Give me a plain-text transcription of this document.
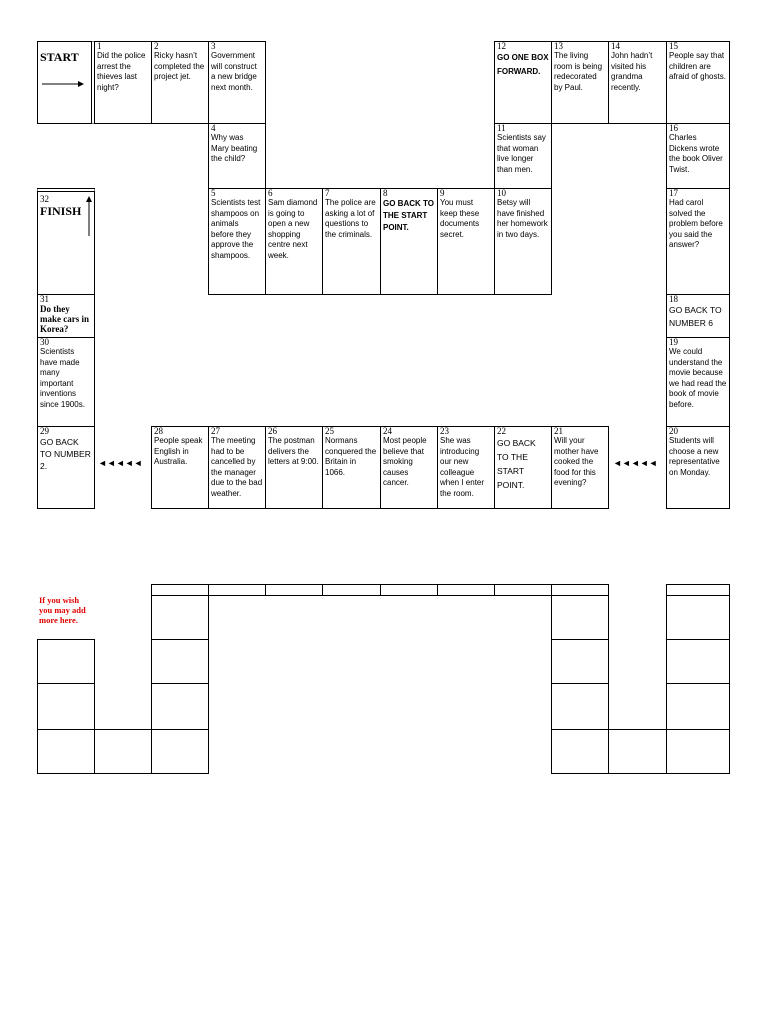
START
1
Did the police arrest the thieves last night?
2
Ricky hasn’t completed the project jet.
3
Government will construct a new bridge next month.
12
GO ONE BOX FORWARD.
13
The living room is being redecorated by Paul.
14
John hadn’t visited his grandma recently.
15
People say that children are afraid of ghosts.
4
Why was Mary beating the child?
11
Scientists say that woman live longer than men.
16
Charles Dickens wrote the book Oliver Twist.
32
FINISH
5
Scientists test shampoos on animals before they approve the shampoos.
6
Sam diamond is going to open a new shopping centre next week.
7
The police are asking a lot of questions to the criminals.
8
GO BACK TO THE START POINT.
9
You must keep these documents secret.
10
Betsy will have finished her homework in two days.
17
Had carol solved the problem before you said the answer?
31
Do they make cars in Korea?
18
GO BACK TO NUMBER 6
30
Scientists have made many important inventions since 1900s.
19
We could understand the movie because we had read the book of movie before.
29
GO BACK TO NUMBER 2.	◄◄◄◄◄
28
People speak English in Australia.
27
The meeting had to be cancelled by the manager due to the bad weather.
26
The postman delivers the letters at 9:00.
25
Normans conquered the Britain in 1066.
24
Most people believe that smoking causes cancer.
23
She was introducing our new colleague when I enter the room.
22
GO BACK TO THE START POINT.
21
Will your mother have cooked the food for this evening?
◄◄◄◄◄
20
Students will choose a new representative on Monday.
If you wish you may add more here.
